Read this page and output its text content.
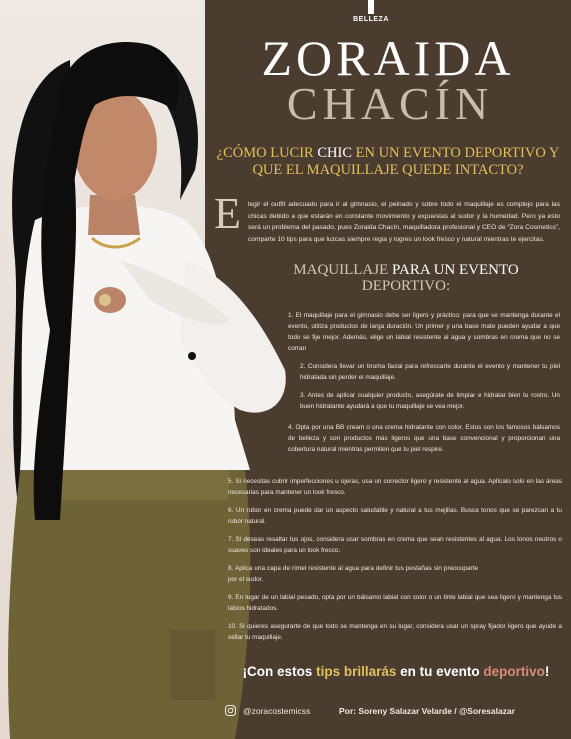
BELLEZA
ZORAIDA
CHACÍN
¿CÓMO LUCIR CHIC EN UN EVENTO DEPORTIVO Y QUE EL MAQUILLAJE QUEDE INTACTO?
E legir el outfit adecuado para ir al gimnasio, el peinado y sobre todo el maquillaje es complejo para las chicas debido a que estarán en constante movimiento y expuestas al sudor y la humedad. Pero ya esto será un problema del pasado, pues Zoraida Chacín, maquilladora profesional y CEO de “Zora Cosmetics”, comparte 10 tips para que luzcas siempre regia y logres un look fresco y natural mientras te ejercitas.
MAQUILLAJE PARA UN EVENTO DEPORTIVO:
1. El maquillaje para el gimnasio debe ser ligero y práctico: para que se mantenga durante el evento, utiliza productos de larga duración. Un primer y una base mate pueden ayudar a que todo se fije mejor. Además, elige un labial resistente al agua y sombras en crema que no se corran
2. Considera llevar un bruma facial para refrescarte durante el evento y mantener tu piel hidratada sin perder el maquillaje.
3. Antes de aplicar cualquier producto, asegúrate de limpiar e hidratar bien tu rostro. Un buen hidratante ayudará a que tu maquillaje se vea mejor.
4. Opta por una BB cream o una crema hidratante con color. Estos son los famosos bálsamos de belleza y son productos más ligeros que una base convencional y proporcionan una cobertura natural mientras permiten que tu piel respire.
5. Si necesitas cubrir imperfecciones u ojeras, usa un corrector ligero y resistente al agua. Aplícalo solo en las áreas necesarias para mantener un look fresco.
6. Un rubor en crema puede dar un aspecto saludable y natural a tus mejillas. Busca tonos que se parezcan a tu rubor natural.
7. Si deseas resaltar tus ojos, considera usar sombras en crema que sean resistentes al agua. Los tonos neutros o suaves son ideales para un look fresco.
8. Aplica una capa de rímel resistente al agua para definir tus pestañas sin preocuparte por el sudor.
9. En lugar de un labial pesado, opta por un bálsamo labial con color o un tinte labial que sea ligero y mantenga tus labios hidratados.
10. Si quieres asegurarte de que todo se mantenga en su lugar, considera usar un spray fijador ligero que ayude a sellar tu maquillaje.
¡Con estos tips brillarás en tu evento deportivo!
@zoracostemicss	Por: Soreny Salazar Velarde / @Soresalazar
